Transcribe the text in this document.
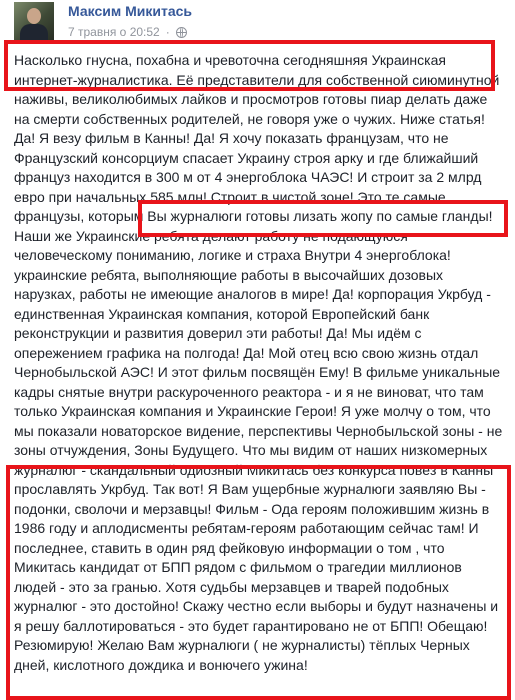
Максим Микитась
7 травня о 20:52 ·

Насколько гнусна, похабна и чревоточна сегодняшняя Украинская интернет-журналистика. Её представители для собственной сиюминутной наживы, великолюбимых лайков и просмотров готовы пиар делать даже на смерти собственных родителей, не говоря уже о чужих. Ниже статья! Да! Я везу фильм в Канны! Да! Я хочу показать французам, что не Французский консорциум спасает Украину строя арку и где ближайший француз находится в 300 м от 4 энергоблока ЧАЭС! И строит за 2 млрд евро при начальных 585 млн! Строит в чистой зоне! Это те самые французы, которым Вы журналюги готовы лизать жопу по самые гланды!

Наши же Украинские ребята делают работу не подающуюся человеческому пониманию, логике и страха Внутри 4 энергоблока! украинские ребята, выполняющие работы в высочайших дозовых нарузках, работы не имеющие аналогов в мире! Да! корпорация Укрбуд - единственная Украинская компания, которой Европейский банк реконструкции и развития доверил эти работы! Да! Мы идём с опережением графика на полгода! Да! Мой отец всю свою жизнь отдал Чернобыльской АЭС! И этот фильм посвящён Ему! В фильме уникальные кадры снятые внутри раскуроченного реактора - и я не виноват, что там только Украинская компания и Украинские Герои! Я уже молчу о том, что мы показали новаторское видение, перспективы Чернобыльской зоны - не зоны отчуждения, Зоны Будущего. Что мы видим от наших низкомерных журналюг - скандальный одиозный Микитась без конкурса повёз в Канны прославлять Укрбуд. Так вот! Я Вам ущербные журналюги заявляю Вы - подонки, сволочи и мерзавцы! Фильм - Ода героям положившим жизнь в 1986 году и аплодисменты ребятам-героям работающим сейчас там! И последнее, ставить в один ряд фейковую информации о том , что Микитась кандидат от БПП рядом с фильмом о трагедии миллионов людей - это за гранью. Хотя судьбы мерзавцев и тварей подобных журналюг - это достойно! Скажу честно если выборы и будут назначены и я решу баллотироваться - это будет гарантировано не от БПП! Обещаю! Резюмирую! Желаю Вам журналюги ( не журналисты) тёплых Черных дней, кислотного дождика и вонючего ужина!
